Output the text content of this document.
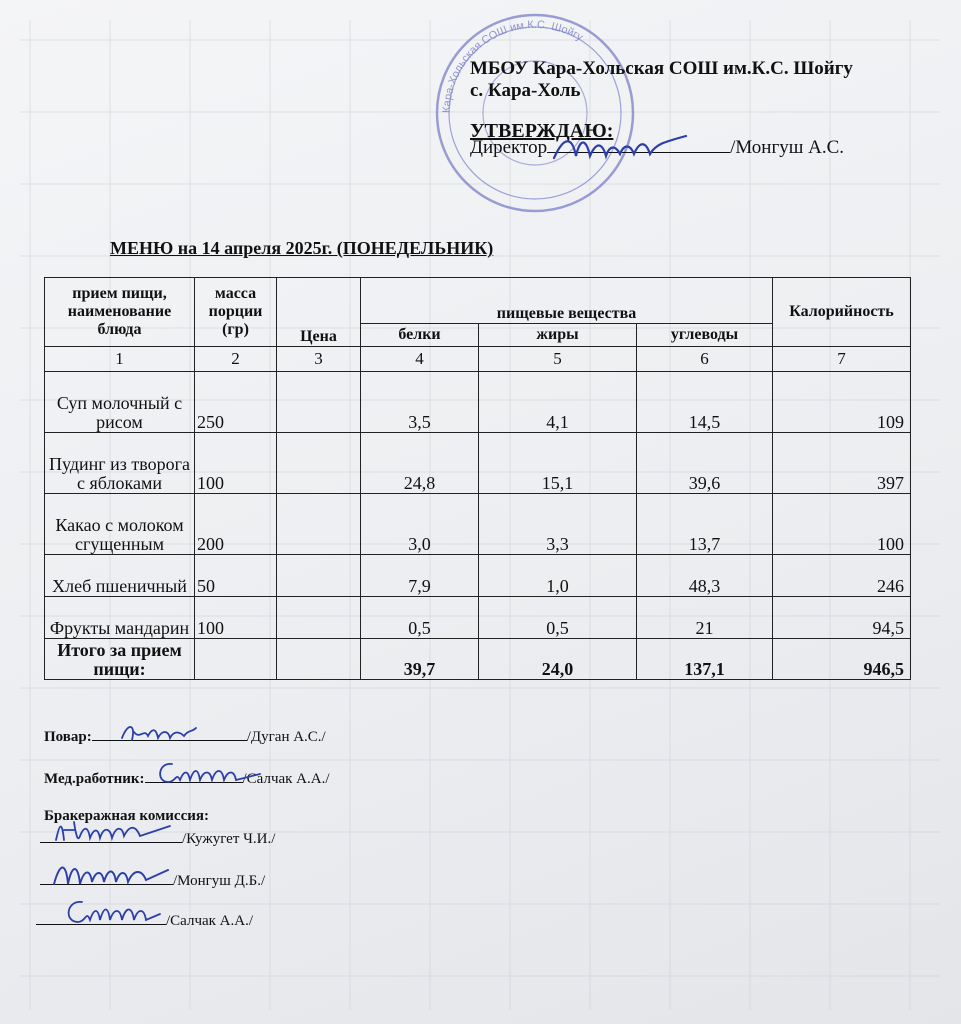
Кара-Хольская СОШ им.К.С. Шойгу
МБОУ Кара-Хольская СОШ им.К.С. Шойгу
с. Кара-Холь
УТВЕРЖДАЮ:
Директор	/Монгуш А.С.
МЕНЮ на 14 апреля 2025г. (ПОНЕДЕЛЬНИК)
прием пищи, наименование блюда	масса порции (гр)	Цена	пищевые вещества			Калорийность
			белки	жиры	углеводы	
1	2	3	4	5	6	7
Суп молочный с рисом	250		3,5	4,1	14,5	109
Пудинг из творога с яблоками	100		24,8	15,1	39,6	397
Какао с молоком сгущенным	200		3,0	3,3	13,7	100
Хлеб пшеничный	50		7,9	1,0	48,3	246
Фрукты мандарин	100		0,5	0,5	21	94,5
Итого за прием пищи:			39,7	24,0	137,1	946,5
Повар:	/Дуган А.С./
Мед.работник:	/Салчак А.А./
Бракеражная комиссия:
/Кужугет Ч.И./
/Монгуш Д.Б./
/Салчак А.А./
